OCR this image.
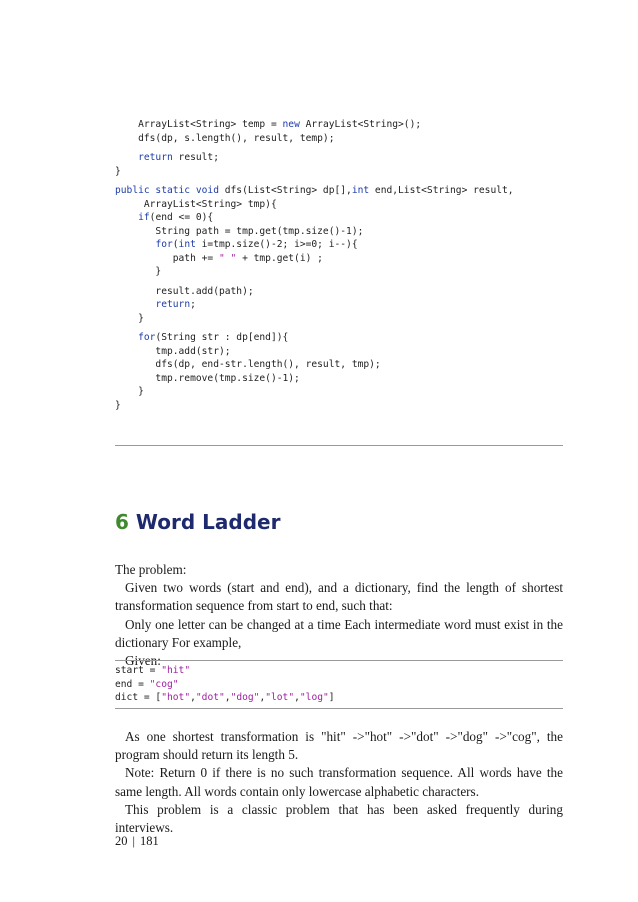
ArrayList<String> temp = new ArrayList<String>();
dfs(dp, s.length(), result, temp);
return result;
}
public static void dfs(List<String> dp[],int end,List<String> result,
ArrayList<String> tmp){
if(end <= 0){
String path = tmp.get(tmp.size()-1);
for(int i=tmp.size()-2; i>=0; i--){
path += " " + tmp.get(i) ;
}
result.add(path);
return;
}
for(String str : dp[end]){
tmp.add(str);
dfs(dp, end-str.length(), result, tmp);
tmp.remove(tmp.size()-1);
}
}
6 Word Ladder

The problem:

Given two words (start and end), and a dictionary, find the length of shortest transformation sequence from start to end, such that:

Only one letter can be changed at a time Each intermediate word must exist in the dictionary For example,

Given:

start = "hit"
end = "cog"
dict = ["hot","dot","dog","lot","log"]

As one shortest transformation is "hit" ->"hot" ->"dot" ->"dog" ->"cog", the program should return its length 5.

Note: Return 0 if there is no such transformation sequence. All words have the same length. All words contain only lowercase alphabetic characters.

This problem is a classic problem that has been asked frequently during interviews.

20 | 181
